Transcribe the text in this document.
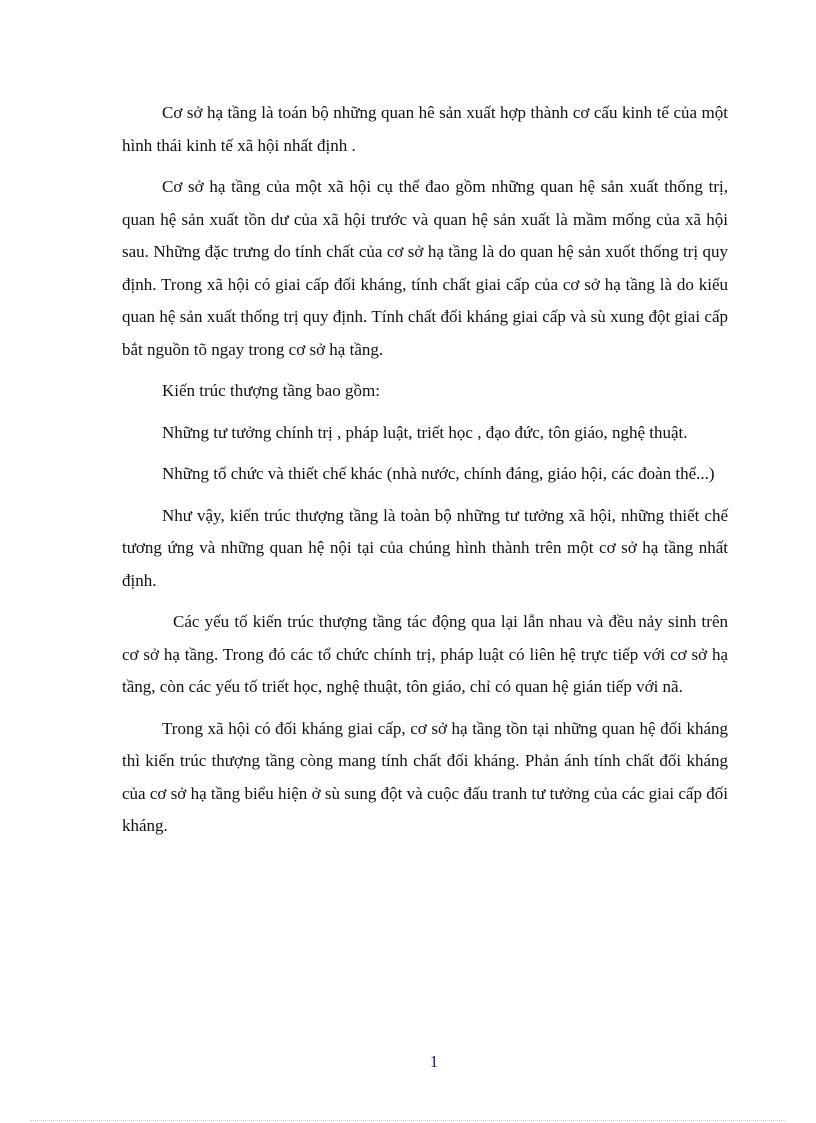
Cơ sở hạ tầng là toán bộ những quan hê sản xuất hợp thành cơ cấu kinh tế của một hình thái kinh tế xã hội nhất định .

Cơ sở hạ tầng của một xã hội cụ thể đao gồm những quan hệ sản xuất thống trị, quan hệ sản xuất tồn dư của xã hội trước và quan hệ sản xuất là mầm mống của xã hội sau. Những đặc trưng do tính chất của cơ sở hạ tầng là do quan hệ sản xuốt thống trị quy định. Trong xã hội có giai cấp đối kháng, tính chất giai cấp của cơ sở hạ tầng là do kiểu quan hệ sản xuất thống trị quy định. Tính chất đối kháng giai cấp và sù xung đột giai cấp bắt nguồn tõ ngay trong cơ sở hạ tầng.

Kiến trúc thượng tầng bao gồm:

Những tư tưởng chính trị , pháp luật, triết học , đạo đức, tôn giáo, nghệ thuật.

Những tổ chức và thiết chế khác (nhà nước, chính đáng, giáo hội, các đoàn thể...)

Như vậy, kiến trúc thượng tầng là toàn bộ những tư tưởng xã hội, những thiết chế tương ứng và những quan hệ nội tại của chúng hình thành trên một cơ sở hạ tầng nhất định.

Các yếu tố kiến trúc thượng tầng tác động qua lại lẫn nhau và đều nảy sinh trên cơ sở hạ tầng. Trong đó các tổ chức chính trị, pháp luật có liên hệ trực tiếp với cơ sở hạ tầng, còn các yếu tố triết học, nghệ thuật, tôn giáo, chỉ có quan hệ gián tiếp với nã.

Trong xã hội có đối kháng giai cấp, cơ sở hạ tầng tồn tại những quan hệ đối kháng thì kiến trúc thượng tầng còng mang tính chất đối kháng. Phản ánh tính chất đối kháng của cơ sở hạ tầng biểu hiện ở sù sung đột và cuộc đấu tranh tư tưởng của các giai cấp đối kháng.

1
